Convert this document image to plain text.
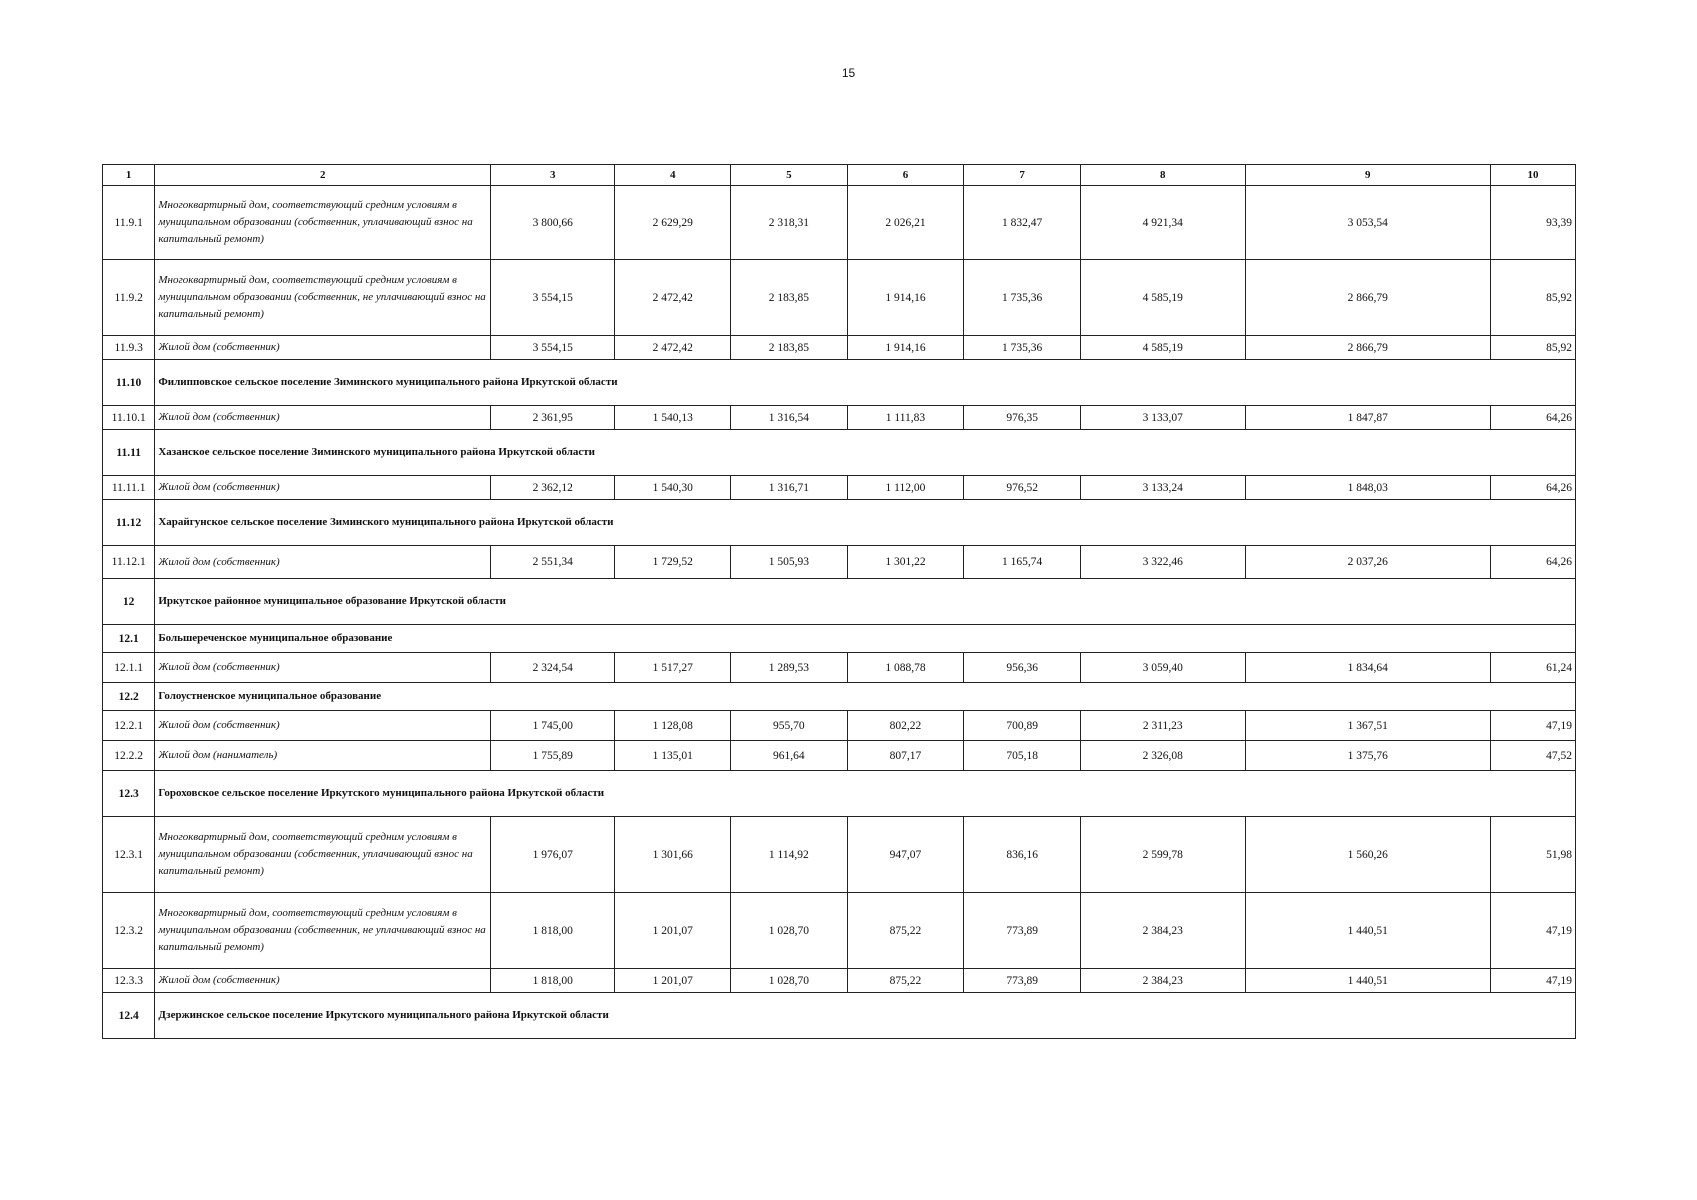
15
1	2	3	4	5	6	7	8	9	10
11.9.1	Многоквартирный дом, соответствующий средним условиям в муниципальном образовании (собственник, уплачивающий взнос на капитальный ремонт)	3 800,66	2 629,29	2 318,31	2 026,21	1 832,47	4 921,34	3 053,54	93,39
11.9.2	Многоквартирный дом, соответствующий средним условиям в муниципальном образовании (собственник, не уплачивающий взнос на капитальный ремонт)	3 554,15	2 472,42	2 183,85	1 914,16	1 735,36	4 585,19	2 866,79	85,92
11.9.3	Жилой дом (собственник)	3 554,15	2 472,42	2 183,85	1 914,16	1 735,36	4 585,19	2 866,79	85,92
11.10	Филипповское сельское поселение Зиминского муниципального района Иркутской области								
11.10.1	Жилой дом (собственник)	2 361,95	1 540,13	1 316,54	1 111,83	976,35	3 133,07	1 847,87	64,26
11.11	Хазанское сельское поселение Зиминского муниципального района Иркутской области								
11.11.1	Жилой дом (собственник)	2 362,12	1 540,30	1 316,71	1 112,00	976,52	3 133,24	1 848,03	64,26
11.12	Харайгунское сельское поселение Зиминского муниципального района Иркутской области								
11.12.1	Жилой дом (собственник)	2 551,34	1 729,52	1 505,93	1 301,22	1 165,74	3 322,46	2 037,26	64,26
12	Иркутское районное муниципальное образование Иркутской области								
12.1	Большереченское муниципальное образование								
12.1.1	Жилой дом (собственник)	2 324,54	1 517,27	1 289,53	1 088,78	956,36	3 059,40	1 834,64	61,24
12.2	Голоустненское муниципальное образование								
12.2.1	Жилой дом (собственник)	1 745,00	1 128,08	955,70	802,22	700,89	2 311,23	1 367,51	47,19
12.2.2	Жилой дом (наниматель)	1 755,89	1 135,01	961,64	807,17	705,18	2 326,08	1 375,76	47,52
12.3	Гороховское сельское поселение Иркутского муниципального района Иркутской области								
12.3.1	Многоквартирный дом, соответствующий средним условиям в муниципальном образовании (собственник, уплачивающий взнос на капитальный ремонт)	1 976,07	1 301,66	1 114,92	947,07	836,16	2 599,78	1 560,26	51,98
12.3.2	Многоквартирный дом, соответствующий средним условиям в муниципальном образовании (собственник, не уплачивающий взнос на капитальный ремонт)	1 818,00	1 201,07	1 028,70	875,22	773,89	2 384,23	1 440,51	47,19
12.3.3	Жилой дом (собственник)	1 818,00	1 201,07	1 028,70	875,22	773,89	2 384,23	1 440,51	47,19
12.4	Дзержинское сельское поселение Иркутского муниципального района Иркутской области								
